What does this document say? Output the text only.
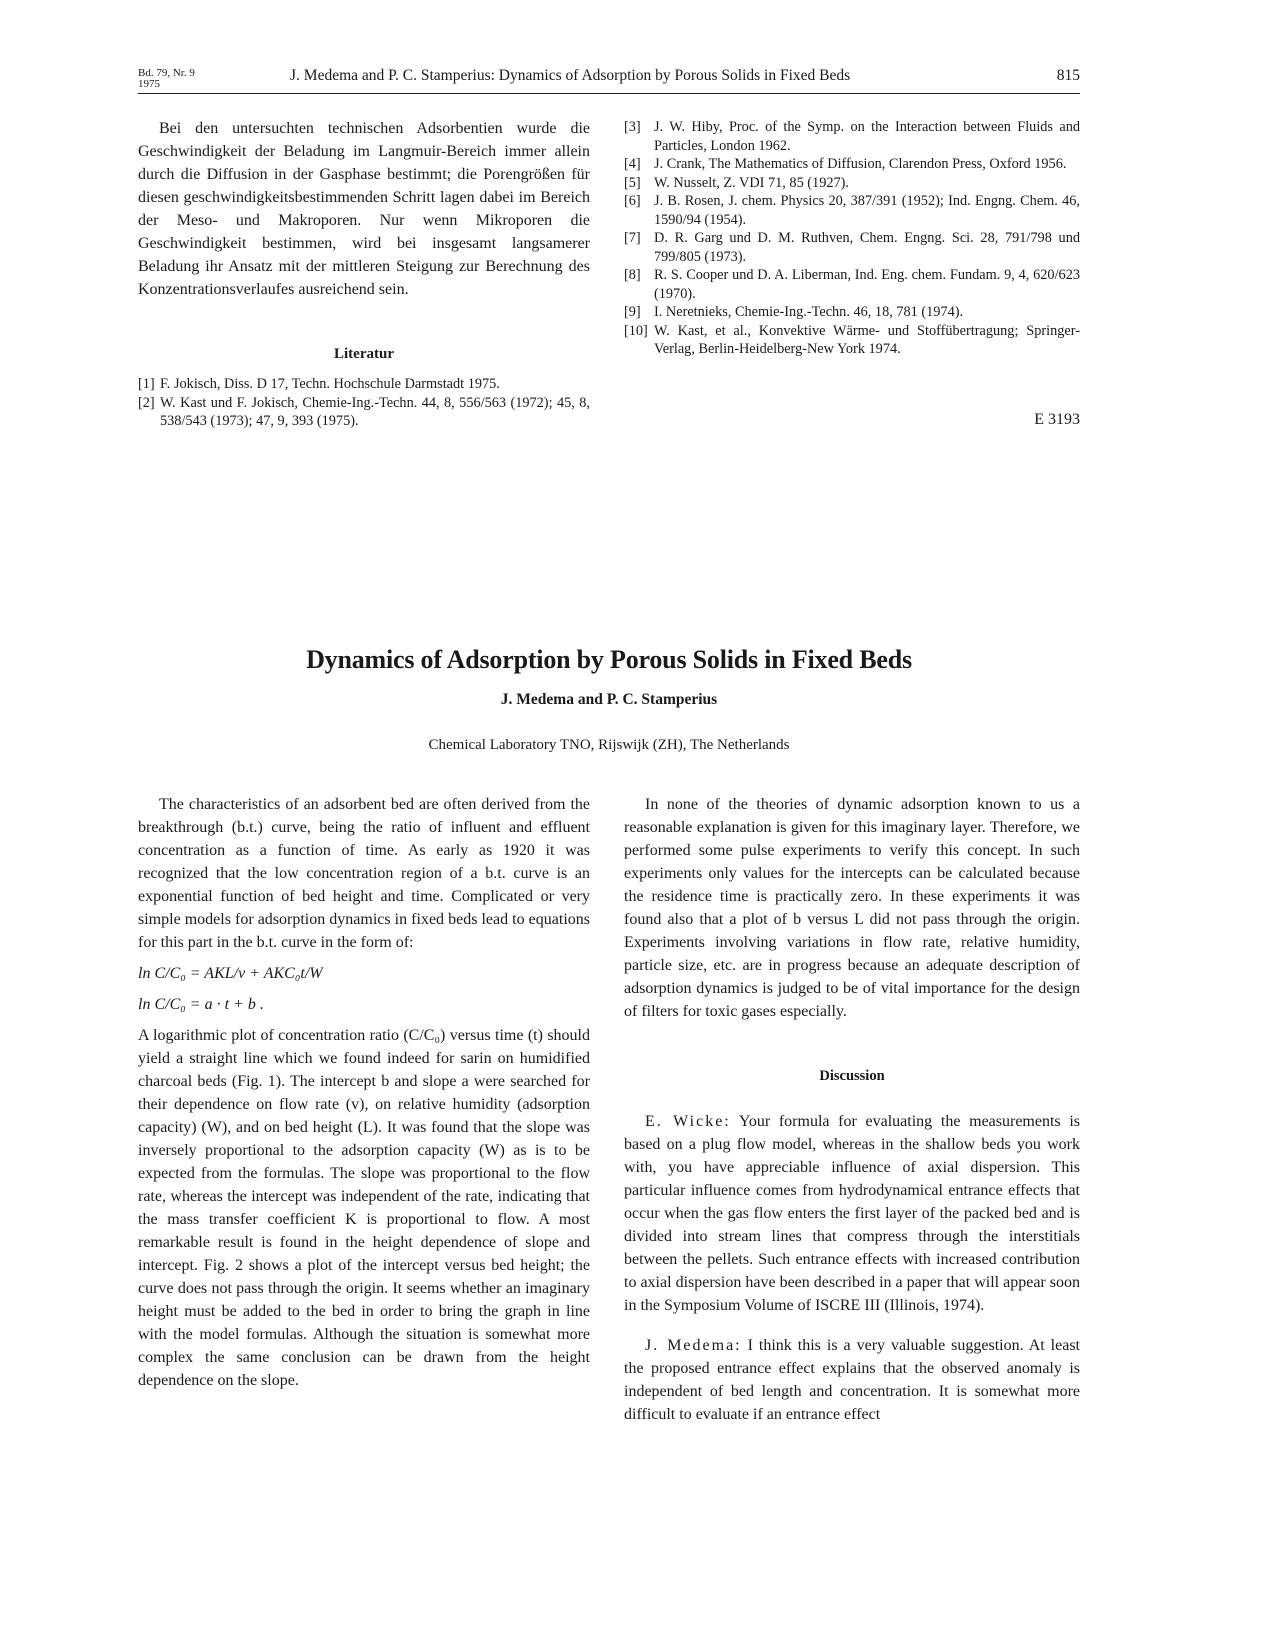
Bd. 79, Nr. 9
1975	J. Medema and P. C. Stamperius: Dynamics of Adsorption by Porous Solids in Fixed Beds	815

Bei den untersuchten technischen Adsorbentien wurde die Geschwindigkeit der Beladung im Langmuir-Bereich immer allein durch die Diffusion in der Gasphase bestimmt; die Porengrößen für diesen geschwindigkeitsbestimmenden Schritt lagen dabei im Bereich der Meso- und Makroporen. Nur wenn Mikroporen die Geschwindigkeit bestimmen, wird bei insgesamt langsamerer Beladung ihr Ansatz mit der mittleren Steigung zur Berechnung des Konzentrationsverlaufes ausreichend sein.

Literatur
[1] F. Jokisch, Diss. D 17, Techn. Hochschule Darmstadt 1975.
[2] W. Kast und F. Jokisch, Chemie-Ing.-Techn. 44, 8, 556/563 (1972); 45, 8, 538/543 (1973); 47, 9, 393 (1975).
[3] J. W. Hiby, Proc. of the Symp. on the Interaction between Fluids and Particles, London 1962.
[4] J. Crank, The Mathematics of Diffusion, Clarendon Press, Oxford 1956.
[5] W. Nusselt, Z. VDI 71, 85 (1927).
[6] J. B. Rosen, J. chem. Physics 20, 387/391 (1952); Ind. Engng. Chem. 46, 1590/94 (1954).
[7] D. R. Garg und D. M. Ruthven, Chem. Engng. Sci. 28, 791/798 und 799/805 (1973).
[8] R. S. Cooper und D. A. Liberman, Ind. Eng. chem. Fundam. 9, 4, 620/623 (1970).
[9] I. Neretnieks, Chemie-Ing.-Techn. 46, 18, 781 (1974).
[10] W. Kast, et al., Konvektive Wärme- und Stoffübertragung; Springer-Verlag, Berlin-Heidelberg-New York 1974.
E 3193
Dynamics of Adsorption by Porous Solids in Fixed Beds
J. Medema and P. C. Stamperius
Chemical Laboratory TNO, Rijswijk (ZH), The Netherlands

The characteristics of an adsorbent bed are often derived from the breakthrough (b.t.) curve, being the ratio of influent and effluent concentration as a function of time. As early as 1920 it was recognized that the low concentration region of a b.t. curve is an exponential function of bed height and time. Complicated or very simple models for adsorption dynamics in fixed beds lead to equations for this part in the b.t. curve in the form of:

ln C/C₀ = AKL/v + AKC₀t/W

ln C/C₀ = a · t + b .

A logarithmic plot of concentration ratio (C/C₀) versus time (t) should yield a straight line which we found indeed for sarin on humidified charcoal beds (Fig. 1). The intercept b and slope a were searched for their dependence on flow rate (v), on relative humidity (adsorption capacity) (W), and on bed height (L). It was found that the slope was inversely proportional to the adsorption capacity (W) as is to be expected from the formulas. The slope was proportional to the flow rate, whereas the intercept was independent of the rate, indicating that the mass transfer coefficient K is proportional to flow. A most remarkable result is found in the height dependence of slope and intercept. Fig. 2 shows a plot of the intercept versus bed height; the curve does not pass through the origin. It seems whether an imaginary height must be added to the bed in order to bring the graph in line with the model formulas. Although the situation is somewhat more complex the same conclusion can be drawn from the height dependence on the slope.

In none of the theories of dynamic adsorption known to us a reasonable explanation is given for this imaginary layer. Therefore, we performed some pulse experiments to verify this concept. In such experiments only values for the intercepts can be calculated because the residence time is practically zero. In these experiments it was found also that a plot of b versus L did not pass through the origin. Experiments involving variations in flow rate, relative humidity, particle size, etc. are in progress because an adequate description of adsorption dynamics is judged to be of vital importance for the design of filters for toxic gases especially.

Discussion

E. Wicke: Your formula for evaluating the measurements is based on a plug flow model, whereas in the shallow beds you work with, you have appreciable influence of axial dispersion. This particular influence comes from hydrodynamical entrance effects that occur when the gas flow enters the first layer of the packed bed and is divided into stream lines that compress through the interstitials between the pellets. Such entrance effects with increased contribution to axial dispersion have been described in a paper that will appear soon in the Symposium Volume of ISCRE III (Illinois, 1974).

J. Medema: I think this is a very valuable suggestion. At least the proposed entrance effect explains that the observed anomaly is independent of bed length and concentration. It is somewhat more difficult to evaluate if an entrance effect
